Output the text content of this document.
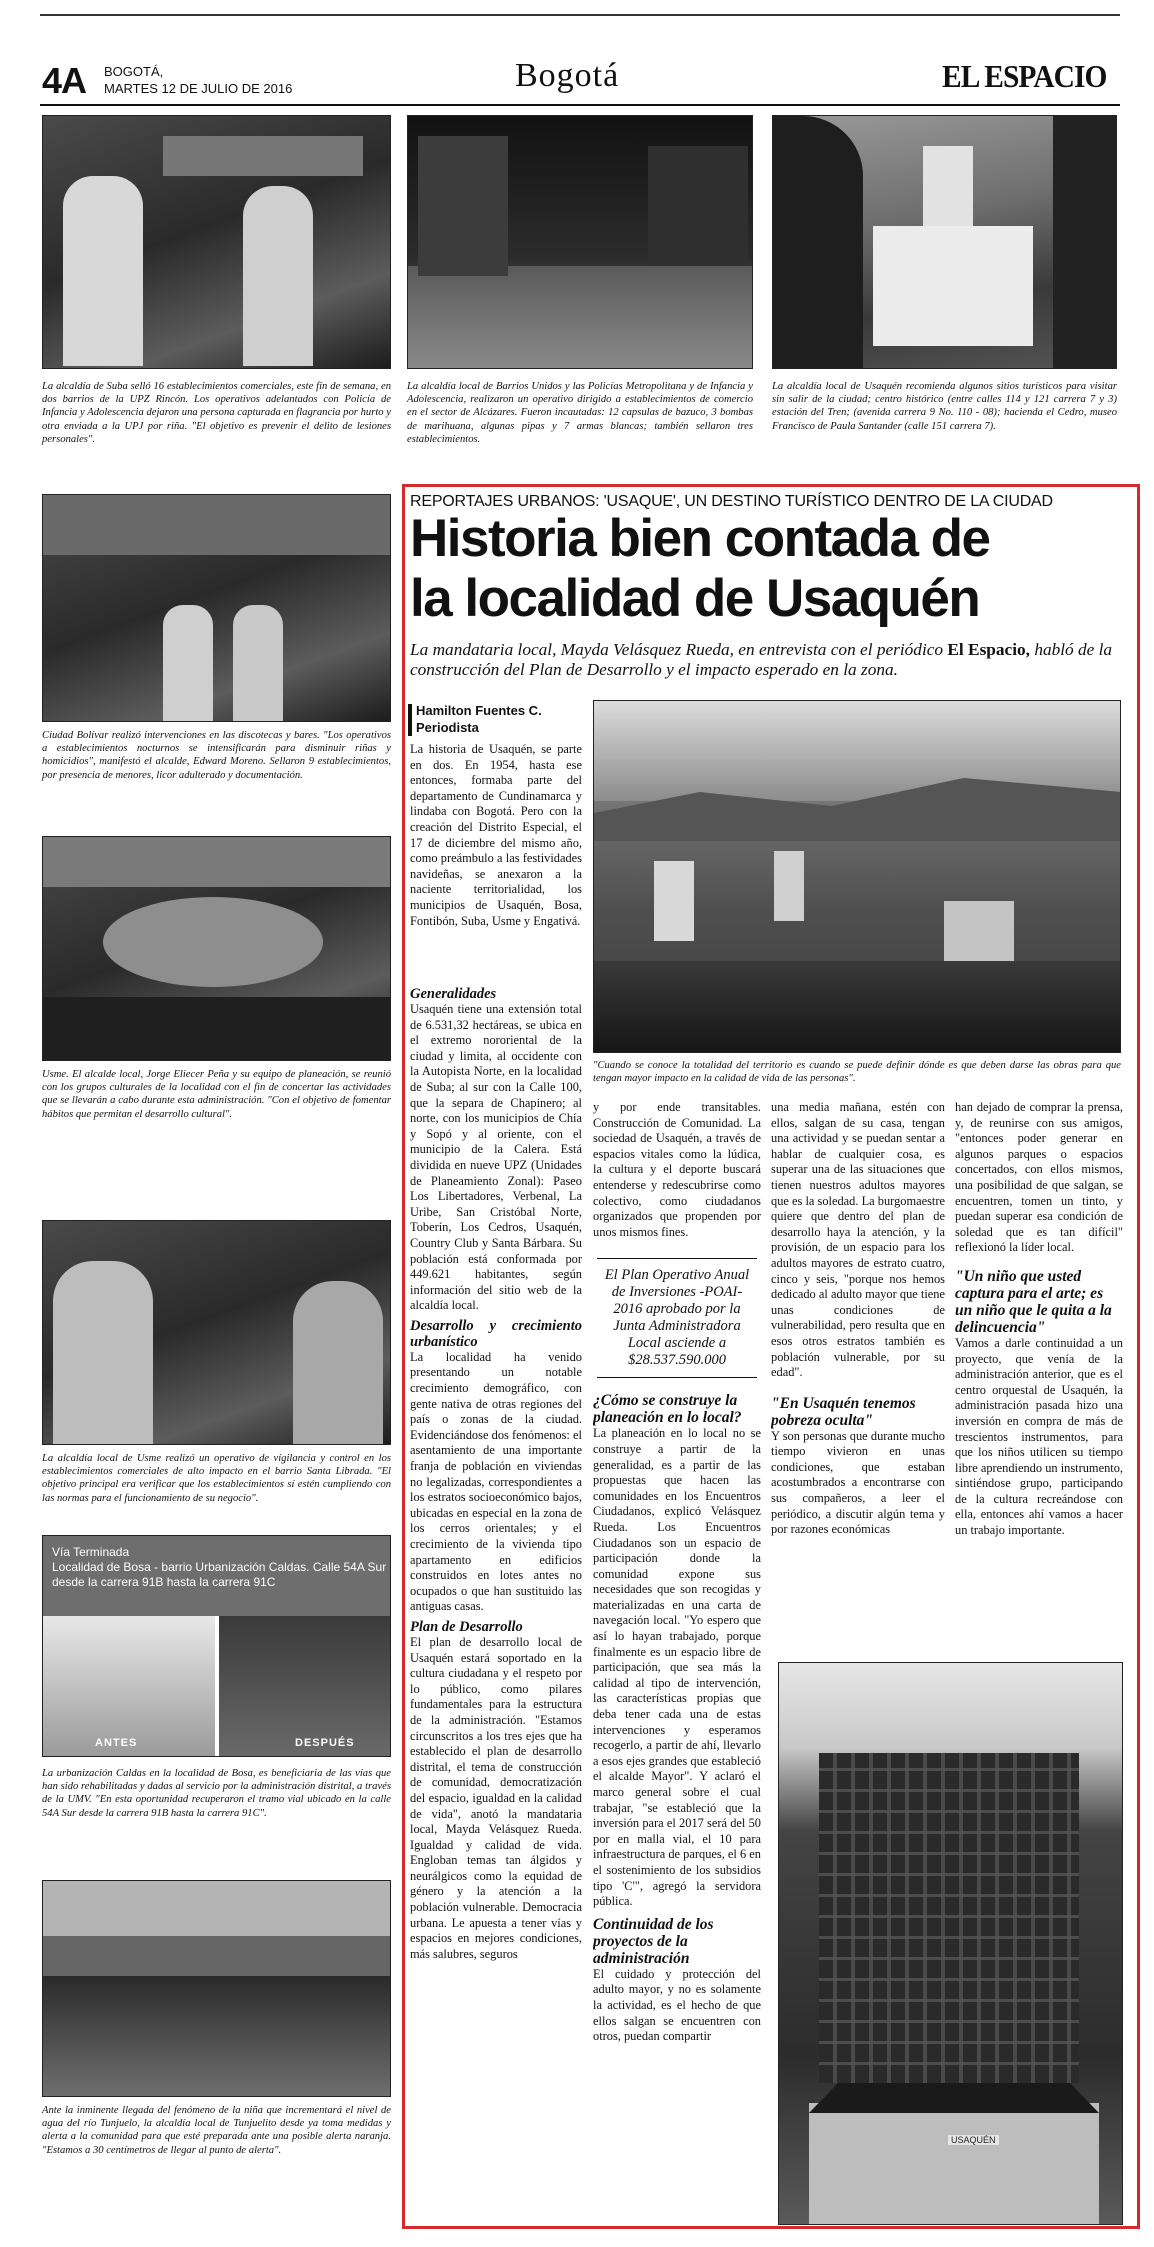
4A BOGOTÁ,
MARTES 12 DE JULIO DE 2016	Bogotá	EL ESPACIO
La alcaldía de Suba selló 16 establecimientos comerciales, este fin de semana, en dos barrios de la UPZ Rincón. Los operativos adelantados con Policía de Infancia y Adolescencia dejaron una persona capturada en flagrancia por hurto y otra enviada a la UPJ por riña. "El objetivo es prevenir el delito de lesiones personales".
La alcaldía local de Barrios Unidos y las Policías Metropolitana y de Infancia y Adolescencia, realizaron un operativo dirigido a establecimientos de comercio en el sector de Alcázares. Fueron incautadas: 12 capsulas de bazuco, 3 bombas de marihuana, algunas pipas y 7 armas blancas; también sellaron tres establecimientos.
La alcaldía local de Usaquén recomienda algunos sitios turísticos para visitar sin salir de la ciudad; centro histórico (entre calles 114 y 121 carrera 7 y 3) estación del Tren; (avenida carrera 9 No. 110 - 08); hacienda el Cedro, museo Francisco de Paula Santander (calle 151 carrera 7).
Ciudad Bolívar realizó intervenciones en las discotecas y bares. "Los operativos a establecimientos nocturnos se intensificarán para disminuir riñas y homicidios", manifestó el alcalde, Edward Moreno. Sellaron 9 establecimientos, por presencia de menores, licor adulterado y documentación.
Usme. El alcalde local, Jorge Eliecer Peña y su equipo de planeación, se reunió con los grupos culturales de la localidad con el fin de concertar las actividades que se llevarán a cabo durante esta administración. "Con el objetivo de fomentar hábitos que permitan el desarrollo cultural".
La alcaldía local de Usme realizó un operativo de vigilancia y control en los establecimientos comerciales de alto impacto en el barrio Santa Librada. "El objetivo principal era verificar que los establecimientos sí estén cumpliendo con las normas para el funcionamiento de su negocio".
Vía Terminada
Localidad de Bosa - barrio Urbanización Caldas. Calle 54A Sur desde la carrera 91B hasta la carrera 91C
ANTES	DESPUÉS
La urbanización Caldas en la localidad de Bosa, es beneficiaria de las vías que han sido rehabilitadas y dadas al servicio por la administración distrital, a través de la UMV. "En esta oportunidad recuperaron el tramo vial ubicado en la calle 54A Sur desde la carrera 91B hasta la carrera 91C".
Ante la inminente llegada del fenómeno de la niña que incrementará el nivel de agua del río Tunjuelo, la alcaldía local de Tunjuelito desde ya toma medidas y alerta a la comunidad para que esté preparada ante una posible alerta naranja. "Estamos a 30 centímetros de llegar al punto de alerta".
REPORTAJES URBANOS: 'USAQUE', UN DESTINO TURÍSTICO DENTRO DE LA CIUDAD
Historia bien contada de
la localidad de Usaquén
La mandataria local, Mayda Velásquez Rueda, en entrevista con el periódico El Espacio, habló de la construcción del Plan de Desarrollo y el impacto esperado en la zona.
Hamilton Fuentes C.
Periodista
"Cuando se conoce la totalidad del territorio es cuando se puede definir dónde es que deben darse las obras para que tengan mayor impacto en la calidad de vida de las personas".

La historia de Usaquén, se parte en dos. En 1954, hasta ese entonces, formaba parte del departamento de Cundinamarca y lindaba con Bogotá. Pero con la creación del Distrito Especial, el 17 de diciembre del mismo año, como preámbulo a las festividades navideñas, se anexaron a la naciente territorialidad, los municipios de Usaquén, Bosa, Fontibón, Suba, Usme y Engativá.

Generalidades

Usaquén tiene una extensión total de 6.531,32 hectáreas, se ubica en el extremo nororiental de la ciudad y limita, al occidente con la Autopista Norte, en la localidad de Suba; al sur con la Calle 100, que la separa de Chapinero; al norte, con los municipios de Chía y Sopó y al oriente, con el municipio de la Calera. Está dividida en nueve UPZ (Unidades de Planeamiento Zonal): Paseo Los Libertadores, Verbenal, La Uribe, San Cristóbal Norte, Toberín, Los Cedros, Usaquén, Country Club y Santa Bárbara. Su población está conformada por 449.621 habitantes, según información del sitio web de la alcaldía local.

Desarrollo y crecimiento urbanístico

La localidad ha venido presentando un notable crecimiento demográfico, con gente nativa de otras regiones del país o zonas de la ciudad. Evidenciándose dos fenómenos: el asentamiento de una importante franja de población en viviendas no legalizadas, correspondientes a los estratos socioeconómico bajos, ubicadas en especial en la zona de los cerros orientales; y el crecimiento de la vivienda tipo apartamento en edificios construidos en lotes antes no ocupados o que han sustituido las antiguas casas.

Plan de Desarrollo

El plan de desarrollo local de Usaquén estará soportado en la cultura ciudadana y el respeto por lo público, como pilares fundamentales para la estructura de la administración. "Estamos circunscritos a los tres ejes que ha establecido el plan de desarrollo distrital, el tema de construcción de comunidad, democratización del espacio, igualdad en la calidad de vida", anotó la mandataria local, Mayda Velásquez Rueda. Igualdad y calidad de vida. Engloban temas tan álgidos y neurálgicos como la equidad de género y la atención a la población vulnerable. Democracia urbana. Le apuesta a tener vías y espacios en mejores condiciones, más salubres, seguros

y por ende transitables. Construcción de Comunidad. La sociedad de Usaquén, a través de espacios vitales como la lúdica, la cultura y el deporte buscará entenderse y redescubrirse como colectivo, como ciudadanos organizados que propenden por unos mismos fines.

El Plan Operativo Anual de Inversiones -POAI- 2016 aprobado por la Junta Administradora Local asciende a $28.537.590.000
¿Cómo se construye la planeación en lo local?

La planeación en lo local no se construye a partir de la generalidad, es a partir de las propuestas que hacen las comunidades en los Encuentros Ciudadanos, explicó Velásquez Rueda. Los Encuentros Ciudadanos son un espacio de participación donde la comunidad expone sus necesidades que son recogidas y materializadas en una carta de navegación local. "Yo espero que así lo hayan trabajado, porque finalmente es un espacio libre de participación, que sea más la calidad al tipo de intervención, las características propias que deba tener cada una de estas intervenciones y esperamos recogerlo, a partir de ahí, llevarlo a esos ejes grandes que estableció el alcalde Mayor". Y aclaró el marco general sobre el cual trabajar, "se estableció que la inversión para el 2017 será del 50 por en malla vial, el 10 para infraestructura de parques, el 6 en el sostenimiento de los subsidios tipo 'C'", agregó la servidora pública.

Continuidad de los proyectos de la administración

El cuidado y protección del adulto mayor, y no es solamente la actividad, es el hecho de que ellos salgan se encuentren con otros, puedan compartir

una media mañana, estén con ellos, salgan de su casa, tengan una actividad y se puedan sentar a hablar de cualquier cosa, es superar una de las situaciones que tienen nuestros adultos mayores que es la soledad. La burgomaestre quiere que dentro del plan de desarrollo haya la atención, y la provisión, de un espacio para los adultos mayores de estrato cuatro, cinco y seis, "porque nos hemos dedicado al adulto mayor que tiene unas condiciones de vulnerabilidad, pero resulta que en esos otros estratos también es población vulnerable, por su edad".

"En Usaquén tenemos pobreza oculta"

Y son personas que durante mucho tiempo vivieron en unas condiciones, que estaban acostumbrados a encontrarse con sus compañeros, a leer el periódico, a discutir algún tema y por razones económicas

han dejado de comprar la prensa, y, de reunirse con sus amigos, "entonces poder generar en algunos parques o espacios concertados, con ellos mismos, una posibilidad de que salgan, se encuentren, tomen un tinto, y puedan superar esa condición de soledad que es tan difícil" reflexionó la líder local.

"Un niño que usted captura para el arte; es un niño que le quita a la delincuencia"

Vamos a darle continuidad a un proyecto, que venía de la administración anterior, que es el centro orquestal de Usaquén, la administración pasada hizo una inversión en compra de más de trescientos instrumentos, para que los niños utilicen su tiempo libre aprendiendo un instrumento, sintiéndose grupo, participando de la cultura recreándose con ella, entonces ahí vamos a hacer un trabajo importante.

USAQUÉN
